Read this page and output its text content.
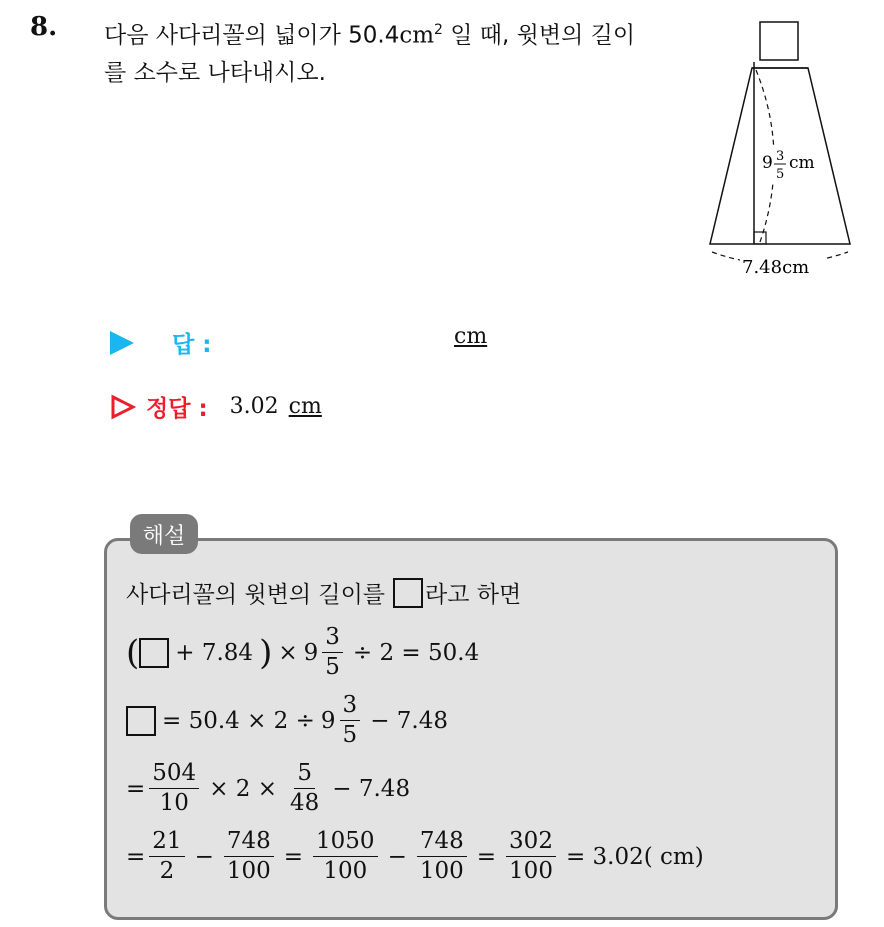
8. 다음 사다리꼴의 넓이가 $50.4cm^2$ 일 때, 윗변의 길이
를 소수로 나타내시오.
9 3
5
cm
7.48cm
답 :	cm
정답 : 3.02 cm
해설
사다리꼴의 윗변의 길이를 라고 하면
( + 7.84 ) × $9 \frac{3}{5} \div 2 = 50.4$
= $50.4 \times 2 \div 9 \frac{3}{5} - 7.48$
= $\frac{504}{10} \times 2 \times \frac{5}{48} - 7.48$
= $\frac{21}{2} - \frac{748}{100} = \frac{1050}{100} - \frac{748}{100} = \frac{302}{100} = 3.02$( cm)
